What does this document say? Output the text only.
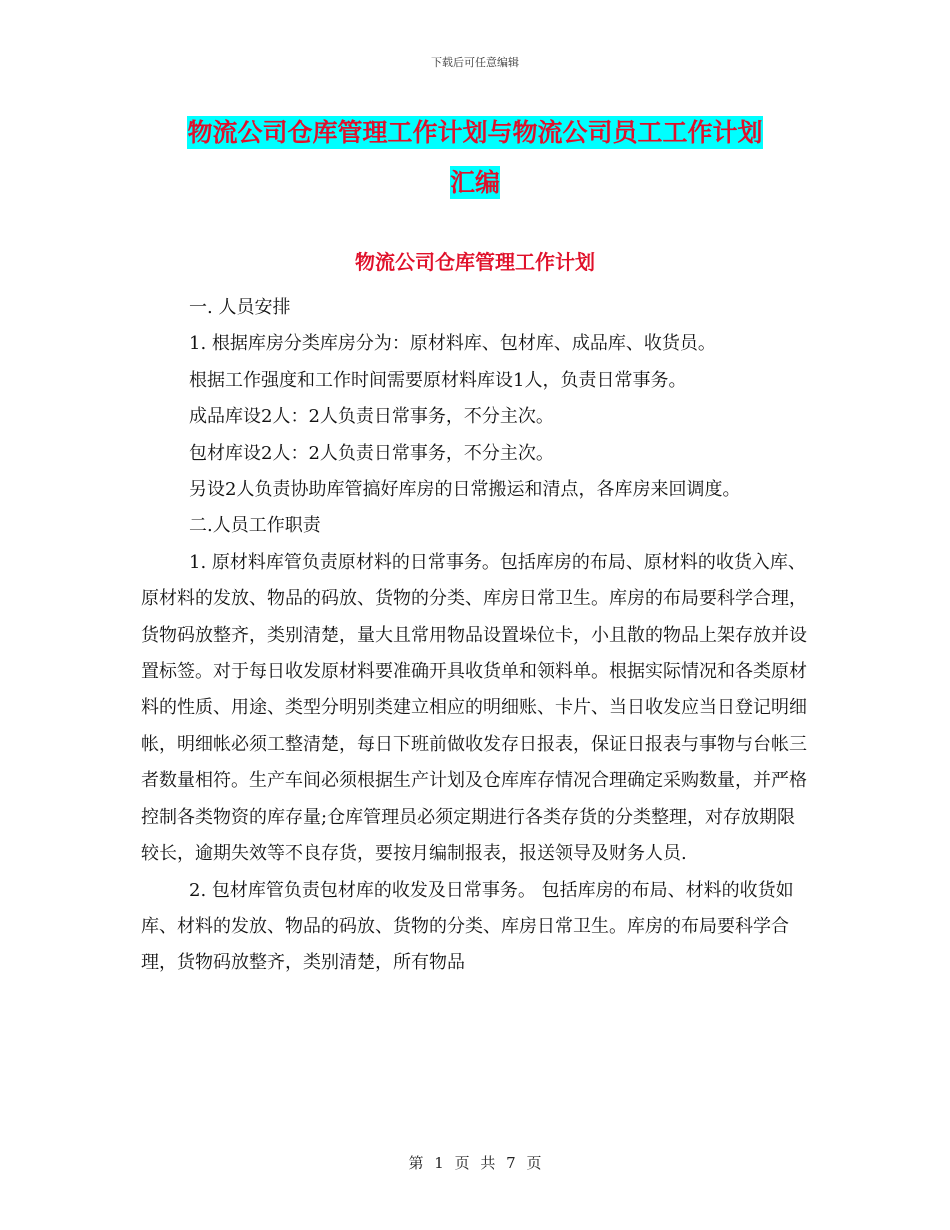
下载后可任意编辑
物流公司仓库管理工作计划与物流公司员工工作计划
汇编
物流公司仓库管理工作计划

一. 人员安排

1. 根据库房分类库房分为：原材料库、包材库、成品库、收货员。

根据工作强度和工作时间需要原材料库设1人，负责日常事务。

成品库设2人：2人负责日常事务，不分主次。

包材库设2人：2人负责日常事务，不分主次。

另设2人负责协助库管搞好库房的日常搬运和清点，各库房来回调度。

二.人员工作职责

1. 原材料库管负责原材料的日常事务。包括库房的布局、原材料的收货入库、原材料的发放、物品的码放、货物的分类、库房日常卫生。库房的布局要科学合理，货物码放整齐，类别清楚，量大且常用物品设置垛位卡，小且散的物品上架存放并设置标签。对于每日收发原材料要准确开具收货单和领料单。根据实际情况和各类原材料的性质、用途、类型分明别类建立相应的明细账、卡片、当日收发应当日登记明细帐，明细帐必须工整清楚，每日下班前做收发存日报表，保证日报表与事物与台帐三者数量相符。生产车间必须根据生产计划及仓库库存情况合理确定采购数量，并严格控制各类物资的库存量;仓库管理员必须定期进行各类存货的分类整理，对存放期限较长，逾期失效等不良存货，要按月编制报表，报送领导及财务人员.

2. 包材库管负责包材库的收发及日常事务。 包括库房的布局、材料的收货如库、材料的发放、物品的码放、货物的分类、库房日常卫生。库房的布局要科学合理，货物码放整齐，类别清楚，所有物品

第 1 页 共 7 页
